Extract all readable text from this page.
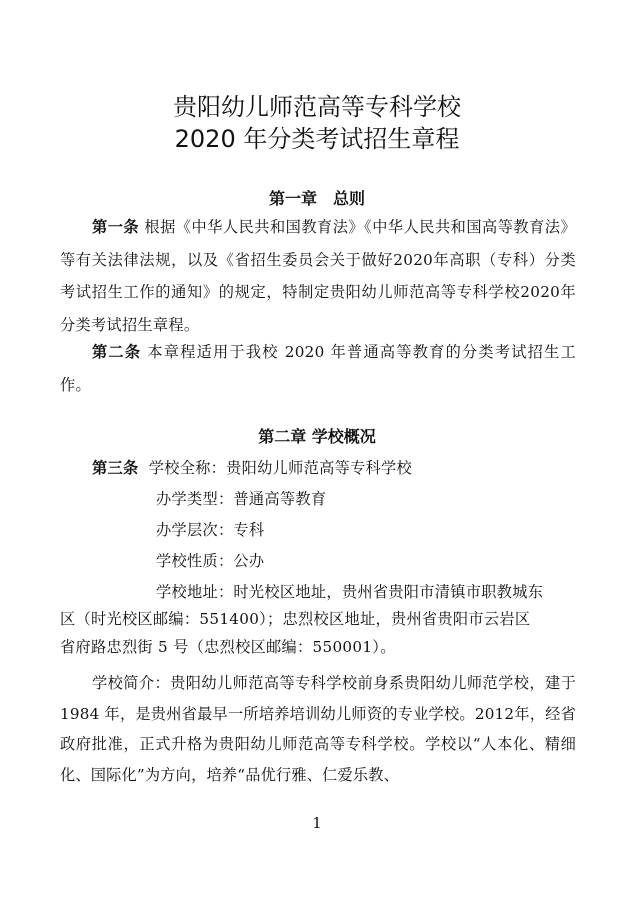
贵阳幼儿师范高等专科学校
2020 年分类考试招生章程
第一章　总则
第一条 根据《中华人民共和国教育法》《中华人民共和国高等教育法》等有关法律法规，以及《省招生委员会关于做好2020年高职（专科）分类考试招生工作的通知》的规定，特制定贵阳幼儿师范高等专科学校2020年分类考试招生章程。
第二条 本章程适用于我校 2020 年普通高等教育的分类考试招生工作。
第二章 学校概况
第三条 学校全称：贵阳幼儿师范高等专科学校
办学类型：普通高等教育
办学层次：专科
学校性质：公办
学校地址：时光校区地址，贵州省贵阳市清镇市职教城东
区（时光校区邮编：551400）；忠烈校区地址，贵州省贵阳市云岩区
省府路忠烈街 5 号（忠烈校区邮编：550001）。
学校简介：贵阳幼儿师范高等专科学校前身系贵阳幼儿师范学校，建于 1984 年，是贵州省最早一所培养培训幼儿师资的专业学校。2012年，经省政府批准，正式升格为贵阳幼儿师范高等专科学校。学校以“人本化、精细化、国际化”为方向，培养“品优行雅、仁爱乐教、
1
